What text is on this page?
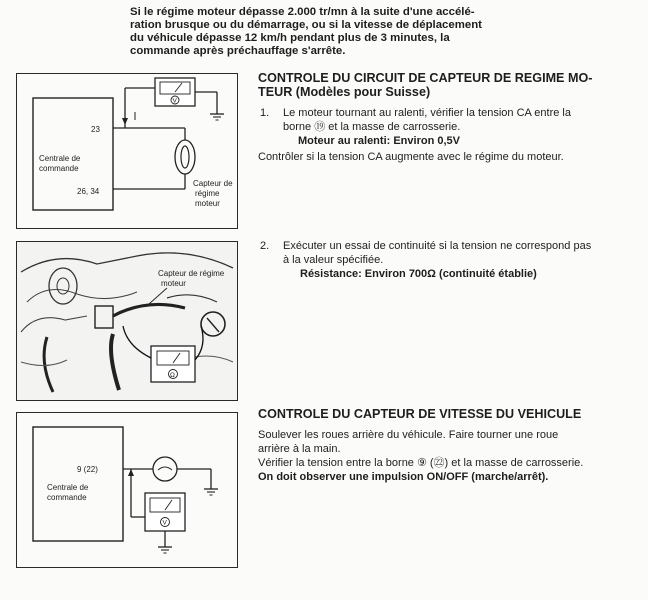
Si le régime moteur dépasse 2.000 tr/mn à la suite d'une accélé-
ration brusque ou du démarrage, ou si la vitesse de déplacement
du véhicule dépasse 12 km/h pendant plus de 3 minutes, la
commande après préchauffage s'arrête.
Centrale de
commande
23
26, 34
V
Capteur de
régime
moteur
CONTROLE DU CIRCUIT DE CAPTEUR DE REGIME MO-
TEUR (Modèles pour Suisse)
1. Le moteur tournant au ralenti, vérifier la tension CA entre la
borne ⑲ et la masse de carrosserie.
Moteur au ralenti: Environ 0,5V
Contrôler si la tension CA augmente avec le régime du moteur.
Ω
Capteur de régime
moteur
2. Exécuter un essai de continuité si la tension ne correspond pas
à la valeur spécifiée.
Résistance: Environ 700Ω (continuité établie)
Centrale de
commande
9 (22)
V
CONTROLE DU CAPTEUR DE VITESSE DU VEHICULE
Soulever les roues arrière du véhicule. Faire tourner une roue
arrière à la main.
Vérifier la tension entre la borne ⑨ (㉒) et la masse de carrosserie.
On doit observer une impulsion ON/OFF (marche/arrêt).
